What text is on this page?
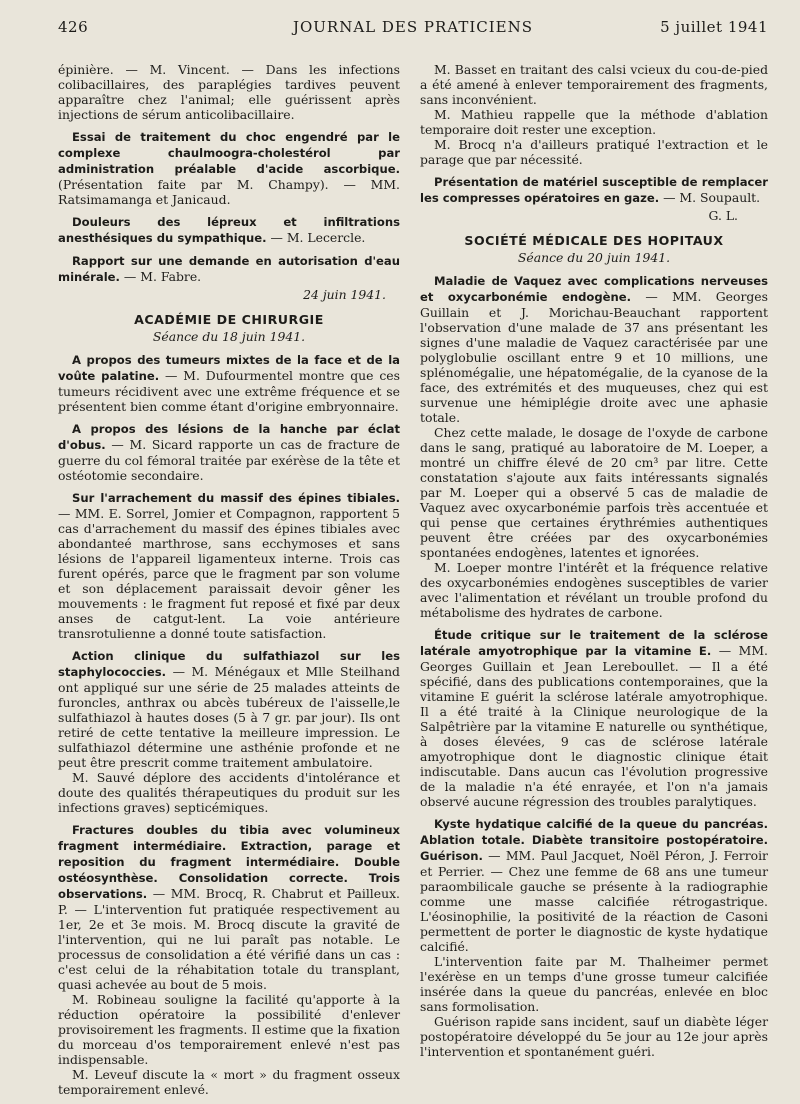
426	JOURNAL DES PRATICIENS	5 juillet 1941

épinière. — M. Vincent. — Dans les infections colibacillaires, des paraplégies tardives peuvent apparaître chez l'animal; elle guérissent après injections de sérum anticolibacillaire.

Essai de traitement du choc engendré par le complexe chaulmoogra-cholestérol par administration préalable d'acide ascorbique. (Présentation faite par M. Champy). — MM. Ratsimamanga et Janicaud.

Douleurs des lépreux et infiltrations anesthésiques du sympathique. — M. Lecercle.

Rapport sur une demande en autorisation d'eau minérale. — M. Fabre.

24 juin 1941.
ACADÉMIE DE CHIRURGIE
Séance du 18 juin 1941.

A propos des tumeurs mixtes de la face et de la voûte palatine. — M. Dufourmentel montre que ces tumeurs récidivent avec une extrême fréquence et se présentent bien comme étant d'origine embryonnaire.

A propos des lésions de la hanche par éclat d'obus. — M. Sicard rapporte un cas de fracture de guerre du col fémoral traitée par exérèse de la tête et ostéotomie secondaire.

Sur l'arrachement du massif des épines tibiales. — MM. E. Sorrel, Jomier et Compagnon, rapportent 5 cas d'arrachement du massif des épines tibiales avec abondanteé marthrose, sans ecchymoses et sans lésions de l'appareil ligamenteux interne. Trois cas furent opérés, parce que le fragment par son volume et son déplacement paraissait devoir gêner les mouvements : le fragment fut reposé et fixé par deux anses de catgut-lent. La voie antérieure transrotulienne a donné toute satisfaction.

Action clinique du sulfathiazol sur les staphylococcies. — M. Ménégaux et Mlle Steilhand ont appliqué sur une série de 25 malades atteints de furoncles, anthrax ou abcès tubéreux de l'aisselle,le sulfathiazol à hautes doses (5 à 7 gr. par jour). Ils ont retiré de cette tentative la meilleure impression. Le sulfathiazol détermine une asthénie profonde et ne peut être prescrit comme traitement ambulatoire.

M. Sauvé déplore des accidents d'intolérance et doute des qualités thérapeutiques du produit sur les infections graves) septicémiques.

Fractures doubles du tibia avec volumineux fragment intermédiaire. Extraction, parage et reposition du fragment intermédiaire. Double ostéosynthèse. Consolidation correcte. Trois observations. — MM. Brocq, R. Chabrut et Pailleux. P. — L'intervention fut pratiquée respectivement au 1er, 2e et 3e mois. M. Brocq discute la gravité de l'intervention, qui ne lui paraît pas notable. Le processus de consolidation a été vérifié dans un cas : c'est celui de la réhabitation totale du transplant, quasi achevée au bout de 5 mois.

M. Robineau souligne la facilité qu'apporte à la réduction opératoire la possibilité d'enlever provisoirement les fragments. Il estime que la fixation du morceau d'os temporairement enlevé n'est pas indispensable.

M. Leveuf discute la « mort » du fragment osseux temporairement enlevé.

M. Basset en traitant des calsi vcieux du cou-de-pied a été amené à enlever temporairement des fragments, sans inconvénient.

M. Mathieu rappelle que la méthode d'ablation temporaire doit rester une exception.

M. Brocq n'a d'ailleurs pratiqué l'extraction et le parage que par nécessité.

Présentation de matériel susceptible de remplacer les compresses opératoires en gaze. — M. Soupault.

G. L.
SOCIÉTÉ MÉDICALE DES HOPITAUX
Séance du 20 juin 1941.

Maladie de Vaquez avec complications nerveuses et oxycarbonémie endogène. — MM. Georges Guillain et J. Morichau-Beauchant rapportent l'observation d'une malade de 37 ans présentant les signes d'une maladie de Vaquez caractérisée par une polyglobulie oscillant entre 9 et 10 millions, une splénomégalie, une hépatomégalie, de la cyanose de la face, des extrémités et des muqueuses, chez qui est survenue une hémiplégie droite avec une aphasie totale.

Chez cette malade, le dosage de l'oxyde de carbone dans le sang, pratiqué au laboratoire de M. Loeper, a montré un chiffre élevé de 20 cm³ par litre. Cette constatation s'ajoute aux faits intéressants signalés par M. Loeper qui a observé 5 cas de maladie de Vaquez avec oxycarbonémie parfois très accentuée et qui pense que certaines érythrémies authentiques peuvent être créées par des oxycarbonémies spontanées endogènes, latentes et ignorées.

M. Loeper montre l'intérêt et la fréquence relative des oxycarbonémies endogènes susceptibles de varier avec l'alimentation et révélant un trouble profond du métabolisme des hydrates de carbone.

Étude critique sur le traitement de la sclérose latérale amyotrophique par la vitamine E. — MM. Georges Guillain et Jean Lereboullet. — Il a été spécifié, dans des publications contemporaines, que la vitamine E guérit la sclérose latérale amyotrophique. Il a été traité à la Clinique neurologique de la Salpêtrière par la vitamine E naturelle ou synthétique, à doses élevées, 9 cas de sclérose latérale amyotrophique dont le diagnostic clinique était indiscutable. Dans aucun cas l'évolution progressive de la maladie n'a été enrayée, et l'on n'a jamais observé aucune régression des troubles paralytiques.

Kyste hydatique calcifié de la queue du pancréas. Ablation totale. Diabète transitoire postopératoire. Guérison. — MM. Paul Jacquet, Noël Péron, J. Ferroir et Perrier. — Chez une femme de 68 ans une tumeur paraombilicale gauche se présente à la radiographie comme une masse calcifiée rétrogastrique. L'éosinophilie, la positivité de la réaction de Casoni permettent de porter le diagnostic de kyste hydatique calcifié.

L'intervention faite par M. Thalheimer permet l'exérèse en un temps d'une grosse tumeur calcifiée insérée dans la queue du pancréas, enlevée en bloc sans formolisation.

Guérison rapide sans incident, sauf un diabète léger postopératoire développé du 5e jour au 12e jour après l'intervention et spontanément guéri.
